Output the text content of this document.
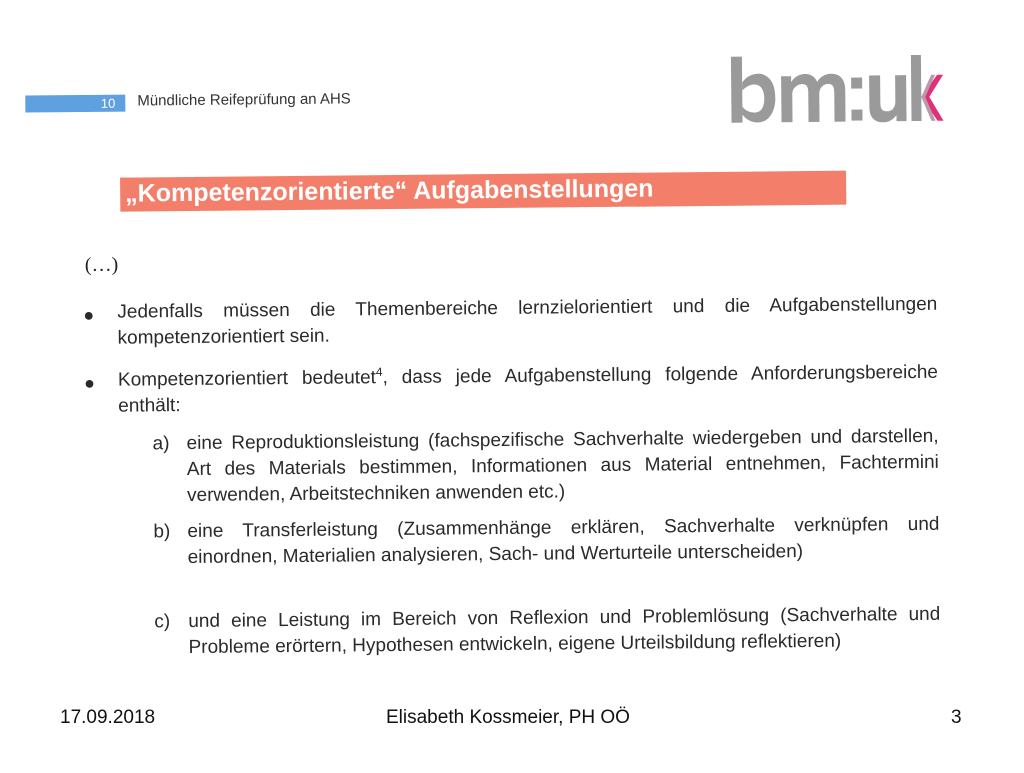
10 Mündliche Reifeprüfung an AHS
„Kompetenzorientierte“ Aufgabenstellungen
(…)
● Jedenfalls müssen die Themenbereiche lernzielorientiert und die Aufgabenstellungen kompetenzorientiert sein.
● Kompetenzorientiert bedeutet$^4$, dass jede Aufgabenstellung folgende Anforderungsbereiche enthält:
a) eine Reproduktionsleistung (fachspezifische Sachverhalte wiedergeben und darstellen, Art des Materials bestimmen, Informationen aus Material entnehmen, Fachtermini verwenden, Arbeitstechniken anwenden etc.)
b) eine Transferleistung (Zusammenhänge erklären, Sachverhalte verknüpfen und einordnen, Materialien analysieren, Sach- und Werturteile unterscheiden)
c) und eine Leistung im Bereich von Reflexion und Problemlösung (Sachverhalte und Probleme erörtern, Hypothesen entwickeln, eigene Urteilsbildung reflektieren)
17.09.2018	Elisabeth Kossmeier, PH OÖ	3
